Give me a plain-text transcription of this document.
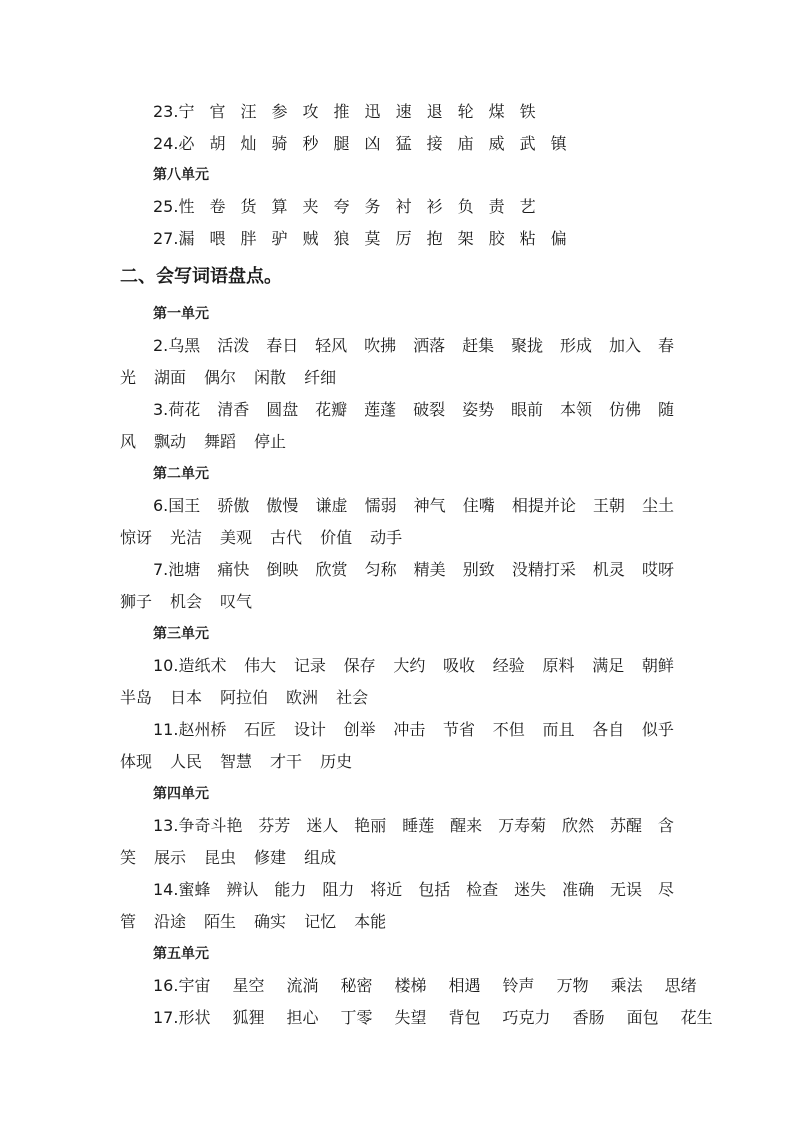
23.宁 官 汪 参 攻 推 迅 速 退 轮 煤 铁
24.必 胡 灿 骑 秒 腿 凶 猛 接 庙 威 武 镇
第八单元
25.性 卷 货 算 夹 夸 务 衬 衫 负 责 艺
27.漏 喂 胖 驴 贼 狼 莫 厉 抱 架 胶 粘 偏
二、会写词语盘点。
第一单元
2.乌黑 活泼 春日 轻风 吹拂 洒落 赶集 聚拢 形成 加入 春
光 湖面 偶尔 闲散 纤细
3.荷花 清香 圆盘 花瓣 莲蓬 破裂 姿势 眼前 本领 仿佛 随
风 飘动 舞蹈 停止
第二单元
6.国王 骄傲 傲慢 谦虚 懦弱 神气 住嘴 相提并论 王朝 尘土
惊讶 光洁 美观 古代 价值 动手
7.池塘 痛快 倒映 欣赏 匀称 精美 别致 没精打采 机灵 哎呀
狮子 机会 叹气
第三单元
10.造纸术 伟大 记录 保存 大约 吸收 经验 原料 满足 朝鲜
半岛 日本 阿拉伯 欧洲 社会
11.赵州桥 石匠 设计 创举 冲击 节省 不但 而且 各自 似乎
体现 人民 智慧 才干 历史
第四单元
13.争奇斗艳 芬芳 迷人 艳丽 睡莲 醒来 万寿菊 欣然 苏醒 含
笑 展示 昆虫 修建 组成
14.蜜蜂 辨认 能力 阻力 将近 包括 检查 迷失 准确 无误 尽
管 沿途 陌生 确实 记忆 本能
第五单元
16.宇宙 星空 流淌 秘密 楼梯 相遇 铃声 万物 乘法 思绪
17.形状 狐狸 担心 丁零 失望 背包 巧克力 香肠 面包 花生
